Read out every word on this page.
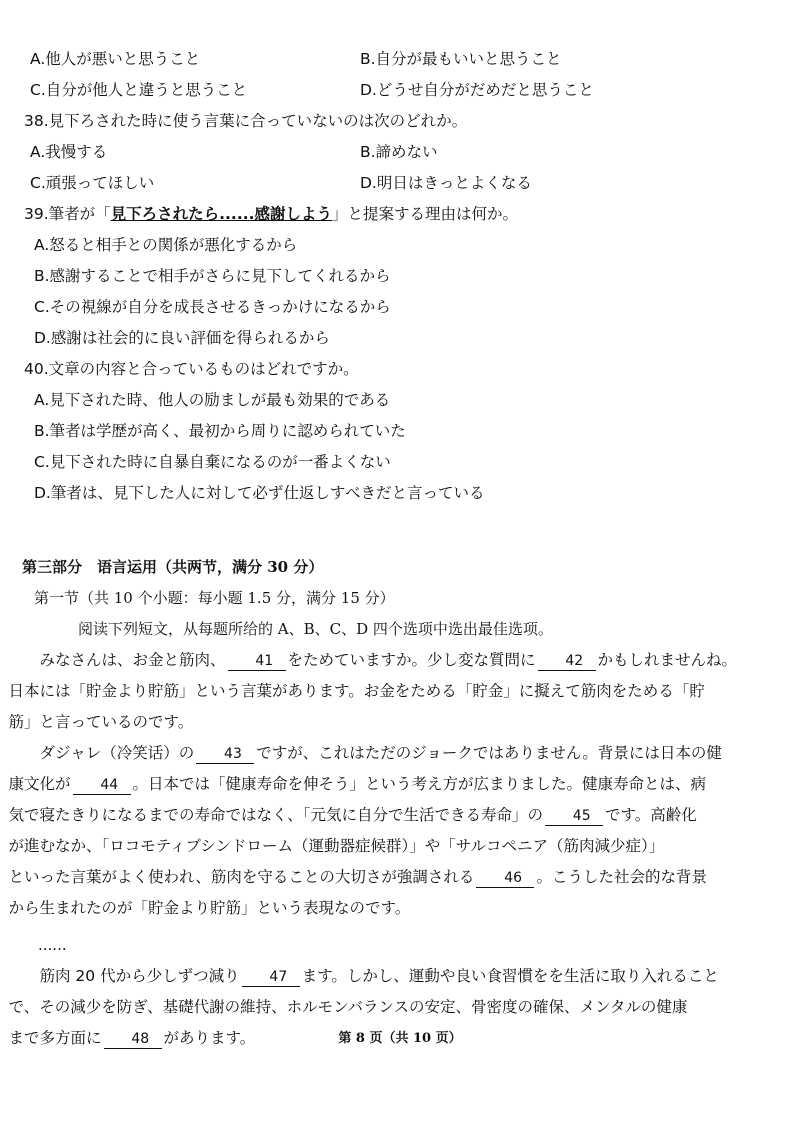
A.他人が悪いと思うこと	B.自分が最もいいと思うこと
C.自分が他人と違うと思うこと	D.どうせ自分がだめだと思うこと
38.見下ろされた時に使う言葉に合っていないのは次のどれか。
A.我慢する	B.諦めない
C.頑張ってほしい	D.明日はきっとよくなる
39.筆者が「見下ろされたら......感謝しよう」と提案する理由は何か。
A.怒ると相手との関係が悪化するから
B.感謝することで相手がさらに見下してくれるから
C.その視線が自分を成長させるきっかけになるから
D.感謝は社会的に良い評価を得られるから
40.文章の内容と合っているものはどれですか。
A.見下された時、他人の励ましが最も効果的である
B.筆者は学歴が高く、最初から周りに認められていた
C.見下された時に自暴自棄になるのが一番よくない
D.筆者は、見下した人に対して必ず仕返しすべきだと言っている
第三部分　语言运用（共两节，满分 30 分）
第一节（共 10 个小题：每小题 1.5 分，满分 15 分）
阅读下列短文，从每题所给的 A、B、C、D 四个选项中选出最佳选项。
みなさんは、お金と筋肉、 41 をためていますか。少し変な質問に 42 かもしれませんね。
日本には「貯金より貯筋」という言葉があります。お金をためる「貯金」に擬えて筋肉をためる「貯
筋」と言っているのです。
ダジャレ（冷笑话）の 43 ですが、これはただのジョークではありません。背景には日本の健
康文化が 44 。日本では「健康寿命を伸そう」という考え方が広まりました。健康寿命とは、病
気で寝たきりになるまでの寿命ではなく、「元気に自分で生活できる寿命」の 45 です。高齢化
が進むなか、「ロコモティブシンドローム（運動器症候群）」や「サルコペニア（筋肉減少症）」
といった言葉がよく使われ、筋肉を守ることの大切さが強調される 46 。こうした社会的な背景
から生まれたのが「貯金より貯筋」という表現なのです。
......
筋肉 20 代から少しずつ減り 47 ます。しかし、運動や良い食習慣をを生活に取り入れること
で、その減少を防ぎ、基礎代謝の維持、ホルモンバランスの安定、骨密度の確保、メンタルの健康
まで多方面に 48 があります。	第 8 页（共 10 页）
